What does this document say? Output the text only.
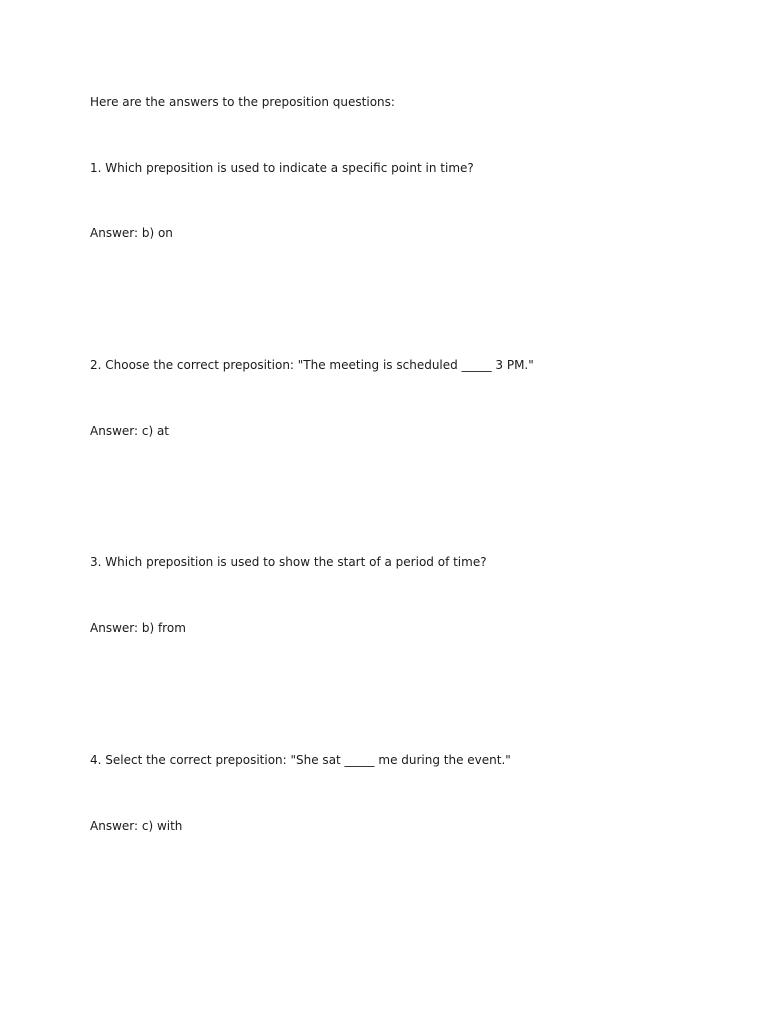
Here are the answers to the preposition questions:

1. Which preposition is used to indicate a specific point in time?

Answer: b) on

2. Choose the correct preposition: "The meeting is scheduled _____ 3 PM."

Answer: c) at

3. Which preposition is used to show the start of a period of time?

Answer: b) from

4. Select the correct preposition: "She sat _____ me during the event."

Answer: c) with
